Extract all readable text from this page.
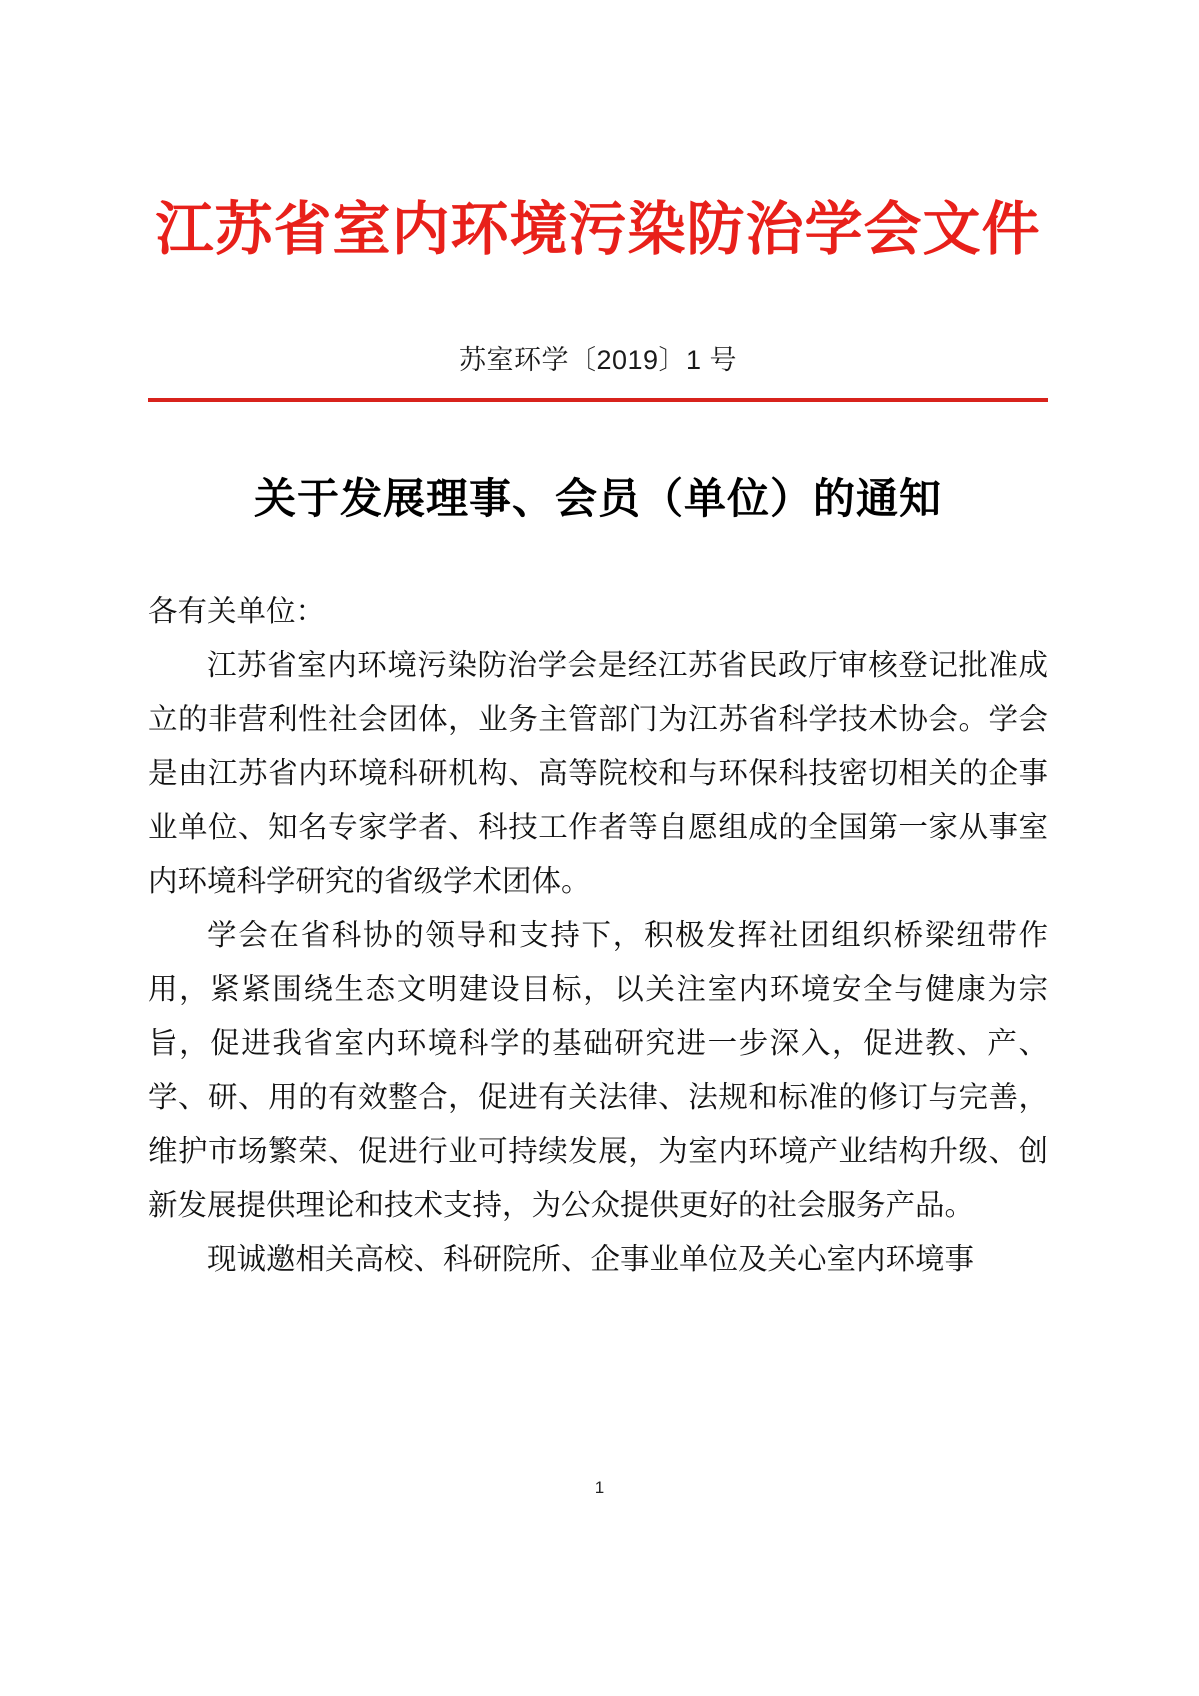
江苏省室内环境污染防治学会文件
苏室环学〔2019〕1 号
关于发展理事、会员（单位）的通知

各有关单位：

江苏省室内环境污染防治学会是经江苏省民政厅审核登记批准成立的非营利性社会团体，业务主管部门为江苏省科学技术协会。学会是由江苏省内环境科研机构、高等院校和与环保科技密切相关的企事业单位、知名专家学者、科技工作者等自愿组成的全国第一家从事室内环境科学研究的省级学术团体。

学会在省科协的领导和支持下，积极发挥社团组织桥梁纽带作用，紧紧围绕生态文明建设目标，以关注室内环境安全与健康为宗旨，促进我省室内环境科学的基础研究进一步深入，促进教、产、学、研、用的有效整合，促进有关法律、法规和标准的修订与完善，维护市场繁荣、促进行业可持续发展，为室内环境产业结构升级、创新发展提供理论和技术支持，为公众提供更好的社会服务产品。

现诚邀相关高校、科研院所、企事业单位及关心室内环境事

1
